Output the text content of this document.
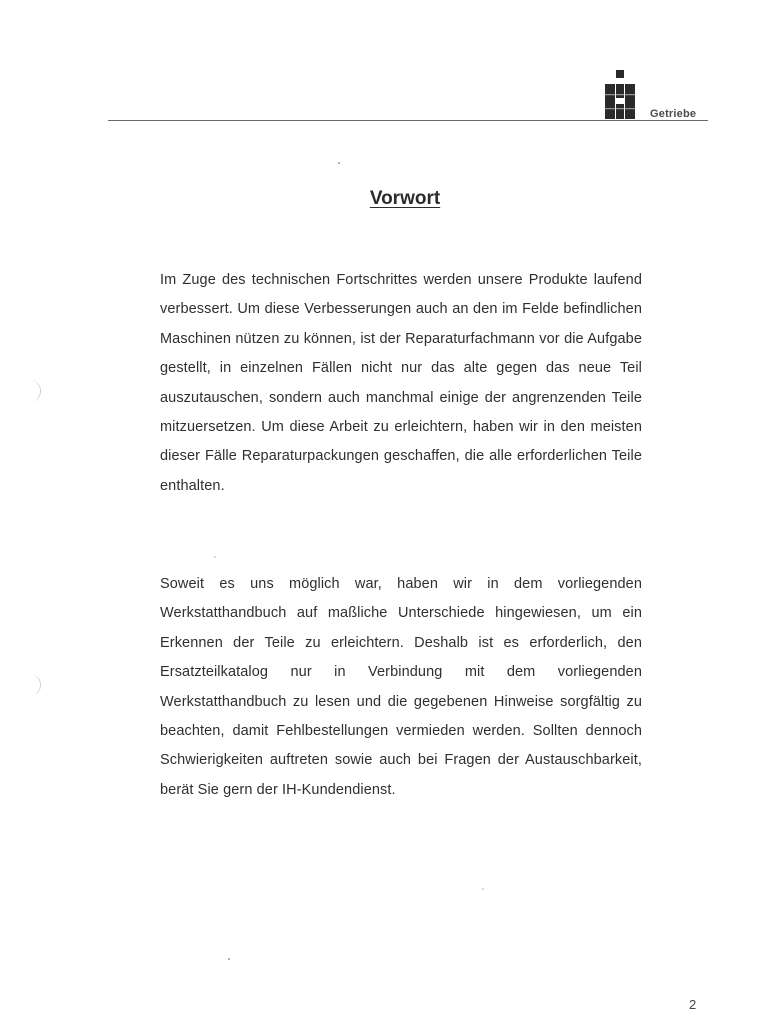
Getriebe
Vorwort

Im Zuge des technischen Fortschrittes werden unsere Produkte laufend verbessert. Um diese Verbesserungen auch an den im Felde befindlichen Maschinen nützen zu können, ist der Reparaturfachmann vor die Aufgabe gestellt, in einzelnen Fällen nicht nur das alte gegen das neue Teil auszutauschen, sondern auch manchmal einige der angrenzenden Teile mitzuersetzen. Um diese Arbeit zu erleichtern, haben wir in den meisten dieser Fälle Reparaturpackungen geschaffen, die alle erforderlichen Teile enthalten.

Soweit es uns möglich war, haben wir in dem vorliegenden Werkstatthandbuch auf maßliche Unterschiede hingewiesen, um ein Erkennen der Teile zu erleichtern. Deshalb ist es erforderlich, den Ersatzteilkatalog nur in Verbindung mit dem vorliegenden Werkstatthandbuch zu lesen und die gegebenen Hinweise sorgfältig zu beachten, damit Fehlbestellungen vermieden werden. Sollten dennoch Schwierigkeiten auftreten sowie auch bei Fragen der Austauschbarkeit, berät Sie gern der IH-Kundendienst.

2
